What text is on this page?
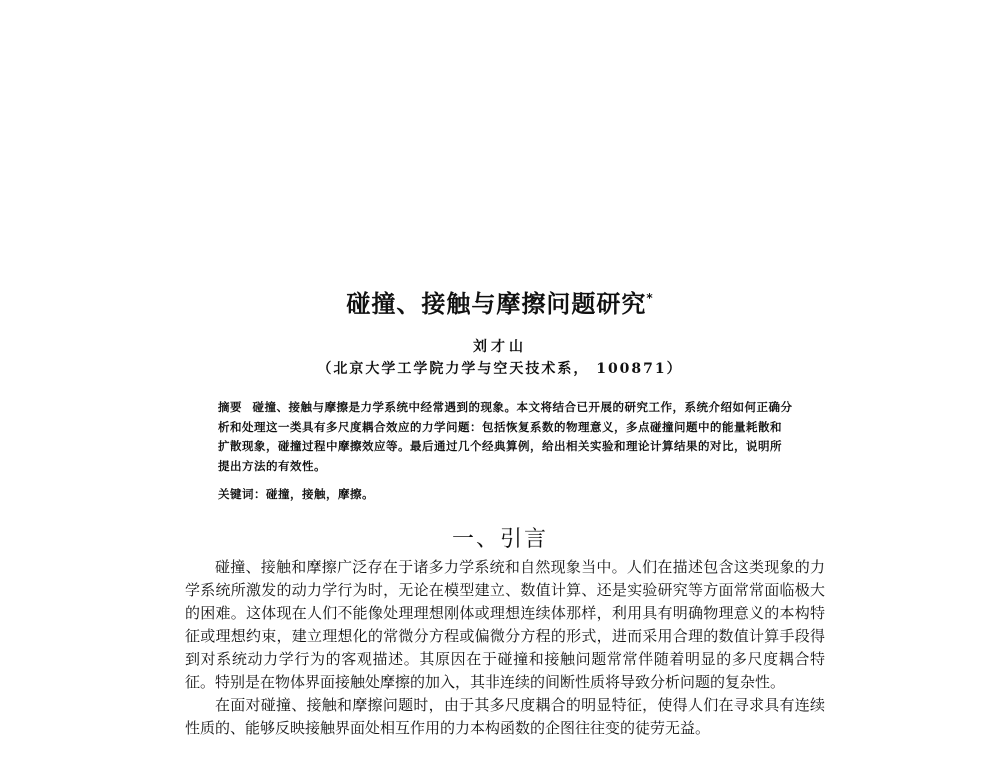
碰撞、接触与摩擦问题研究*
刘才山
（北京大学工学院力学与空天技术系， 100871）
摘要 碰撞、接触与摩擦是力学系统中经常遇到的现象。本文将结合已开展的研究工作，系统介绍如何正确分析和处理这一类具有多尺度耦合效应的力学问题：包括恢复系数的物理意义，多点碰撞问题中的能量耗散和扩散现象，碰撞过程中摩擦效应等。最后通过几个经典算例，给出相关实验和理论计算结果的对比，说明所提出方法的有效性。
关键词：碰撞，接触，摩擦。
一、引言

碰撞、接触和摩擦广泛存在于诸多力学系统和自然现象当中。人们在描述包含这类现象的力学系统所激发的动力学行为时，无论在模型建立、数值计算、还是实验研究等方面常常面临极大的困难。这体现在人们不能像处理理想刚体或理想连续体那样，利用具有明确物理意义的本构特征或理想约束，建立理想化的常微分方程或偏微分方程的形式，进而采用合理的数值计算手段得到对系统动力学行为的客观描述。其原因在于碰撞和接触问题常常伴随着明显的多尺度耦合特征。特别是在物体界面接触处摩擦的加入，其非连续的间断性质将导致分析问题的复杂性。

在面对碰撞、接触和摩擦问题时，由于其多尺度耦合的明显特征，使得人们在寻求具有连续性质的、能够反映接触界面处相互作用的力本构函数的企图往往变的徒劳无益。
